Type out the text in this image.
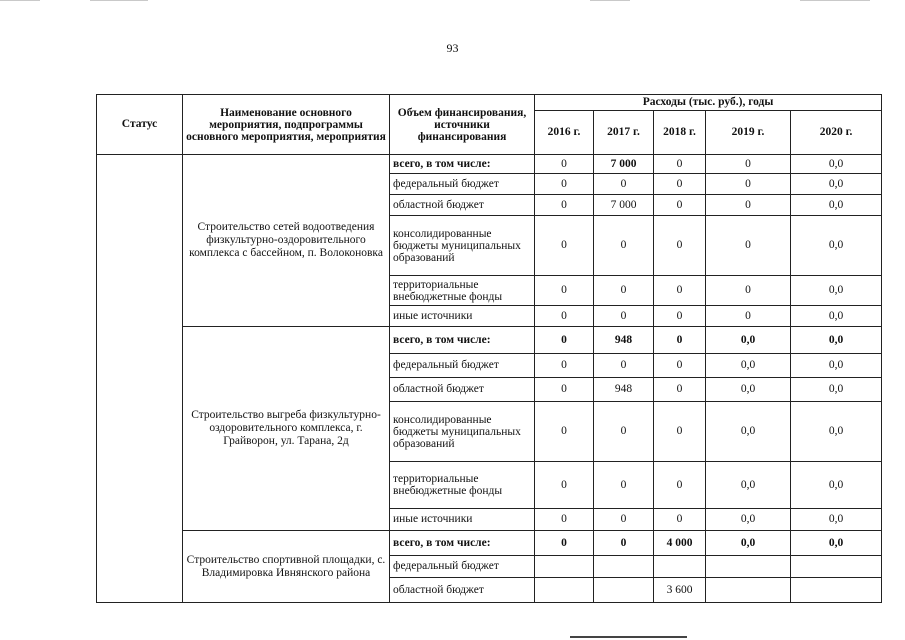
93
Статус	Наименование основного мероприятия, подпрограммы основного мероприятия, мероприятия	Объем финансирования, источники финансирования	Расходы (тыс. руб.), годы				
			2016 г.	2017 г.	2018 г.	2019 г.	2020 г.
	Строительство сетей водоотведения физкультурно-оздоровительного комплекса с бассейном, п. Волоконовка	всего, в том числе:	0	7 000	0	0	0,0
		федеральный бюджет	0	0	0	0	0,0
		областной бюджет	0	7 000	0	0	0,0
		консолидированные бюджеты муниципальных образований	0	0	0	0	0,0
		территориальные внебюджетные фонды	0	0	0	0	0,0
		иные источники	0	0	0	0	0,0
	Строительство выгреба физкультурно-оздоровительного комплекса, г. Грайворон, ул. Тарана, 2д	всего, в том числе:	0	948	0	0,0	0,0
		федеральный бюджет	0	0	0	0,0	0,0
		областной бюджет	0	948	0	0,0	0,0
		консолидированные бюджеты муниципальных образований	0	0	0	0,0	0,0
		территориальные внебюджетные фонды	0	0	0	0,0	0,0
		иные источники	0	0	0	0,0	0,0
	Строительство спортивной площадки, с. Владимировка Ивнянского района	всего, в том числе:	0	0	4 000	0,0	0,0
		федеральный бюджет					
		областной бюджет			3 600		
